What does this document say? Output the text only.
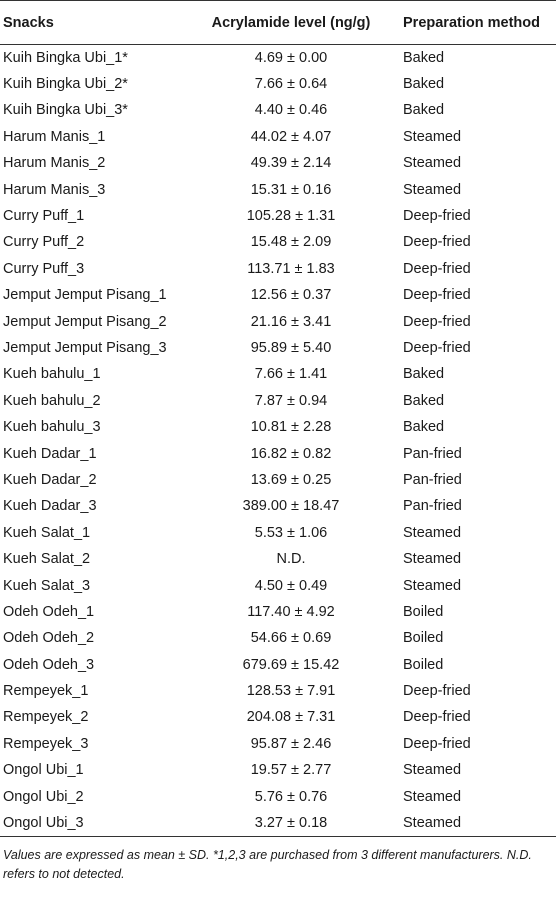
Snacks	Acrylamide level (ng/g)	Preparation method
Kuih Bingka Ubi_1*	4.69 ± 0.00	Baked
Kuih Bingka Ubi_2*	7.66 ± 0.64	Baked
Kuih Bingka Ubi_3*	4.40 ± 0.46	Baked
Harum Manis_1	44.02 ± 4.07	Steamed
Harum Manis_2	49.39 ± 2.14	Steamed
Harum Manis_3	15.31 ± 0.16	Steamed
Curry Puff_1	105.28 ± 1.31	Deep-fried
Curry Puff_2	15.48 ± 2.09	Deep-fried
Curry Puff_3	113.71 ± 1.83	Deep-fried
Jemput Jemput Pisang_1	12.56 ± 0.37	Deep-fried
Jemput Jemput Pisang_2	21.16 ± 3.41	Deep-fried
Jemput Jemput Pisang_3	95.89 ± 5.40	Deep-fried
Kueh bahulu_1	7.66 ± 1.41	Baked
Kueh bahulu_2	7.87 ± 0.94	Baked
Kueh bahulu_3	10.81 ± 2.28	Baked
Kueh Dadar_1	16.82 ± 0.82	Pan-fried
Kueh Dadar_2	13.69 ± 0.25	Pan-fried
Kueh Dadar_3	389.00 ± 18.47	Pan-fried
Kueh Salat_1	5.53 ± 1.06	Steamed
Kueh Salat_2	N.D.	Steamed
Kueh Salat_3	4.50 ± 0.49	Steamed
Odeh Odeh_1	117.40 ± 4.92	Boiled
Odeh Odeh_2	54.66 ± 0.69	Boiled
Odeh Odeh_3	679.69 ± 15.42	Boiled
Rempeyek_1	128.53 ± 7.91	Deep-fried
Rempeyek_2	204.08 ± 7.31	Deep-fried
Rempeyek_3	95.87 ± 2.46	Deep-fried
Ongol Ubi_1	19.57 ± 2.77	Steamed
Ongol Ubi_2	5.76 ± 0.76	Steamed
Ongol Ubi_3	3.27 ± 0.18	Steamed
Values are expressed as mean ± SD. *1,2,3 are purchased from 3 different manufacturers. N.D. refers to not detected.
